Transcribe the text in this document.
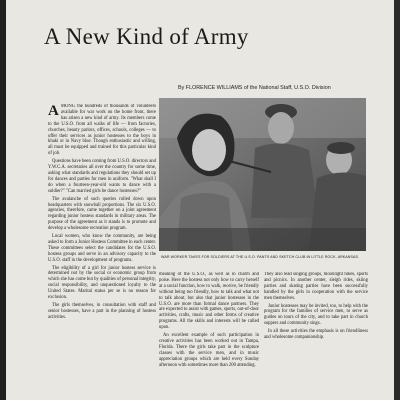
A New Kind of Army

By FLORENCE WILLIAMS of the National Staff, U.S.O. Division

AMONG the hundreds of thousands of volunteers available for war work on the home front, there has arisen a new kind of army. Its members come to the U.S.O. from all walks of life — from factories, churches, beauty parlors, offices, schools, colleges — to offer their services as junior hostesses to the boys in khaki or in Navy blue. Though enthusiastic and willing, all must be equipped and trained for this particular kind of job.

Questions have been coming from U.S.O. directors and Y.W.C.A. secretaries all over the country for some time, asking what standards and regulations they should set up for dances and parties for men in uniform. "What shall I do when a fourteen-year-old wants to dance with a soldier?" "Can married girls be dance hostesses?"

The avalanche of such queries rolled down upon headquarters with snowball proportions. The six U.S.O. agencies, therefore, came together on a joint agreement regarding junior hostess standards in military areas. The purpose of the agreement as it stands is to promote and develop a wholesome recreation program.

Local women, who know the community, are being asked to form a Junior Hostess Committee in each center. These committees select the candidates for the U.S.O. hostess groups and serve in an advisory capacity to the U.S.O. staff in the development of programs.

The eligibility of a girl for junior hostess service is determined not by the social or economic group from which she has come but by qualities of personal integrity, social responsibility, and unquestioned loyalty to the United States. Marital status per se is no reason for exclusion.

The girls themselves, in consultation with staff and senior hostesses, have a part in the planning of hostess activities.

WAR WORKER TAKES FOR SOLDIERS AT THE U.S.O. PANTS AND SKETCH CLUB IN LITTLE ROCK, ARKANSAS.

meaning of the U.S.O., as well as in charm and poise. Here the hostess not only how to carry herself at a social function, how to walk, receive, be friendly without being too friendly, how to talk and what not to talk about, but also that junior hostesses in the U.S.O. are more than formal dance partners. They are expected to assist with games, sports, out-of-door activities, crafts, music and other forms of creative programs. All the skills and interests will be called upon.

An excellent example of such participation in creative activities has been worked out in Tampa, Florida. There the girls take part in the sculpture classes with the service men, and in music appreciation groups which are held every Sunday afternoon with sometimes more than 200 attending.

They also lead singing groups, moonlight hikes, sports and picnics. In another center, sleigh rides, skiing parties and skating parties have been successfully handled by the girls in cooperation with the service men themselves.

Junior hostesses may be invited, too, to help with the program for the families of service men, to serve as guides on tours of the city, and to take part in church suppers and community sings.

In all these activities the emphasis is on friendliness and wholesome companionship.
